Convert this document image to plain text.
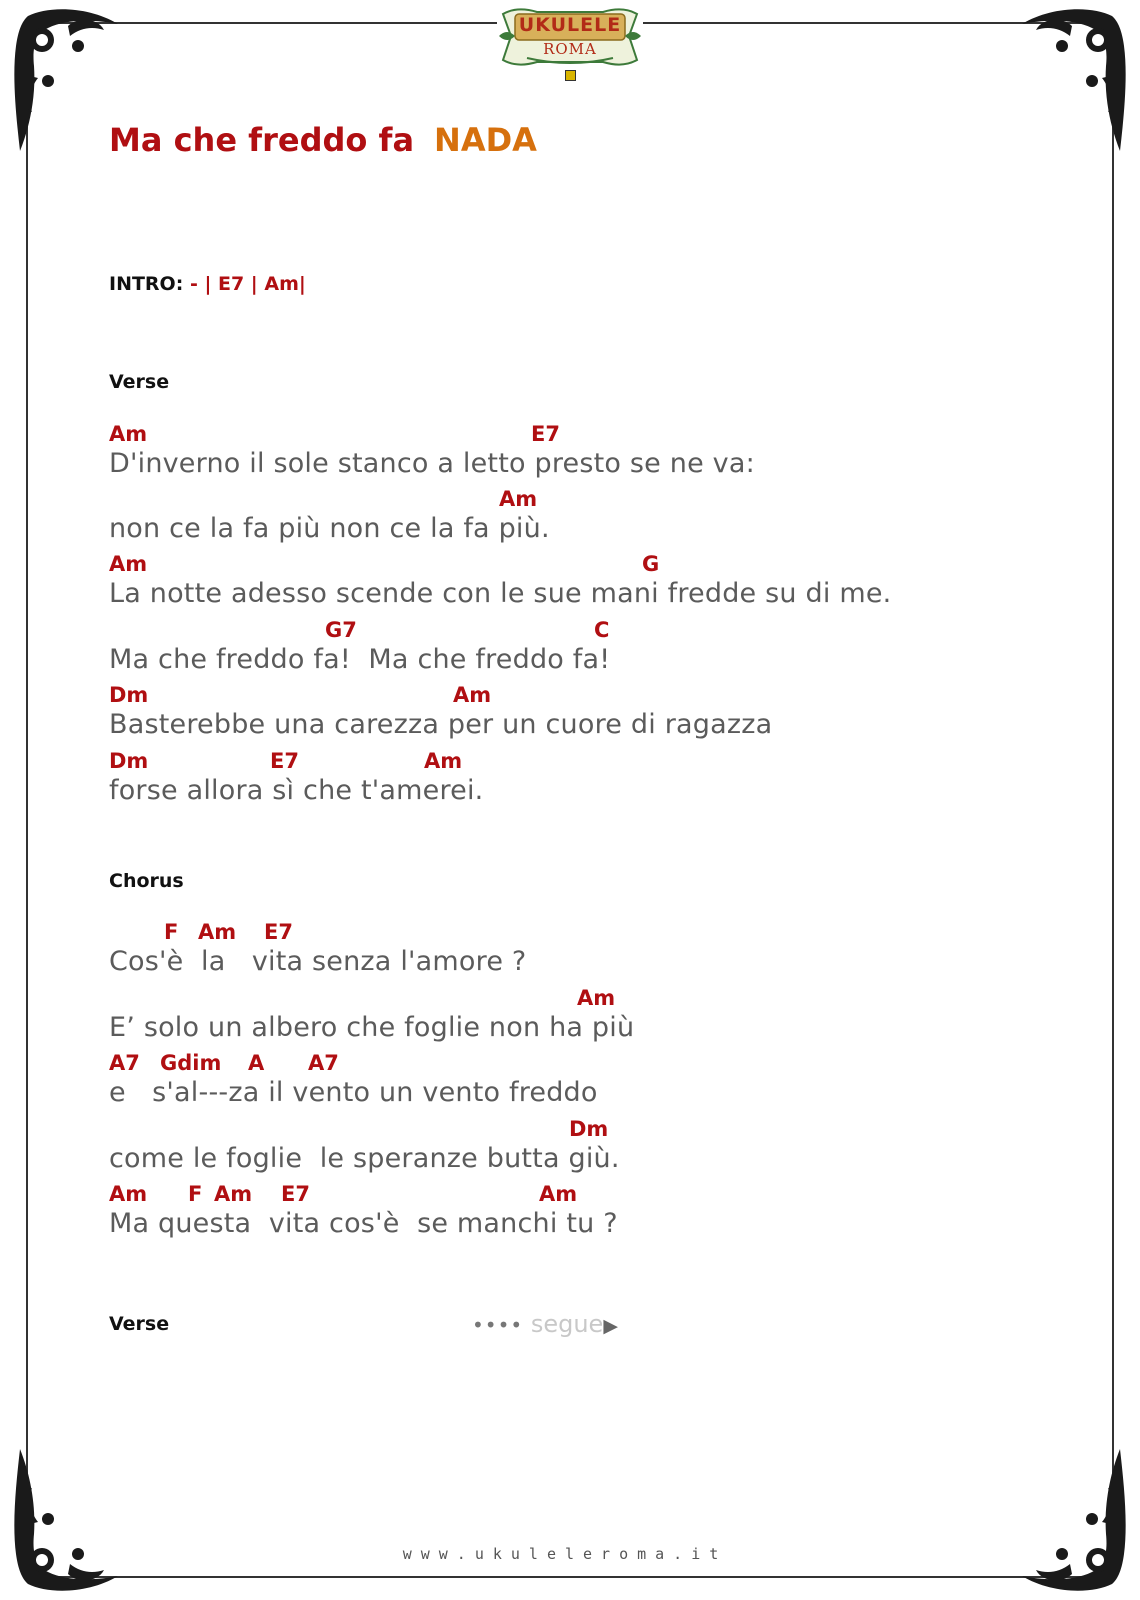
UKULELE
ROMA
Ma che freddo fa NADA
INTRO: - | E7 | Am|
Verse
Am	E7
D'inverno il sole stanco a letto presto se ne va:
Am
non ce la fa più non ce la fa più.
Am	G
La notte adesso scende con le sue mani fredde su di me.
G7	C
Ma che freddo fa!  Ma che freddo fa!
Dm	Am
Basterebbe una carezza per un cuore di ragazza
Dm	E7	Am
forse allora sì che t'amerei.
Chorus
F Am E7
Cos'è  la   vita senza l'amore ?
Am
E’ solo un albero che foglie non ha più
A7 Gdim A A7
e   s'al---za il vento un vento freddo
Dm
come le foglie  le speranze butta giù.
Am F Am E7	Am
Ma questa  vita cos'è  se manchi tu ?
Verse	•••• segue▶
www.ukuleleroma.it
